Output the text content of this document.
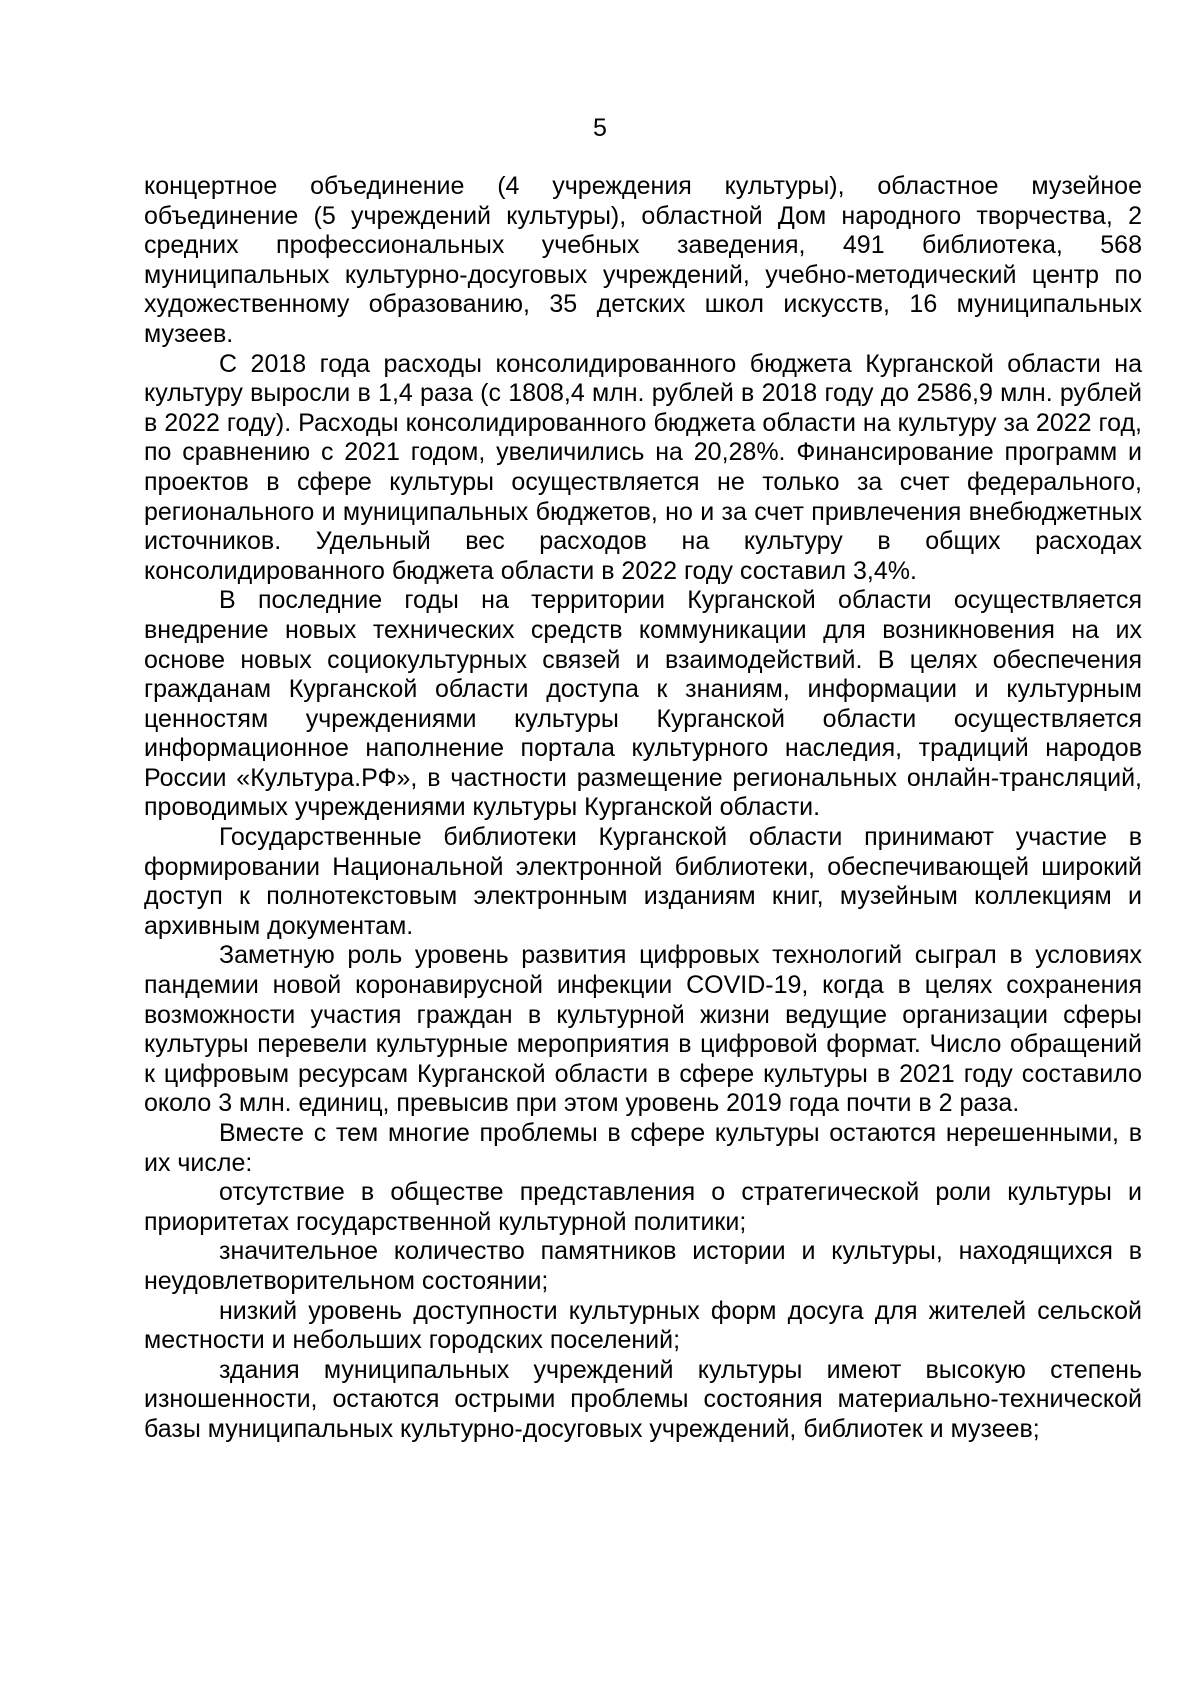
5

концертное объединение (4 учреждения культуры), областное музейное объединение (5 учреждений культуры), областной Дом народного творчества, 2 средних профессиональных учебных заведения, 491 библиотека, 568 муниципальных культурно-досуговых учреждений, учебно-методический центр по художественному образованию, 35 детских школ искусств, 16 муниципальных музеев.

С 2018 года расходы консолидированного бюджета Курганской области на культуру выросли в 1,4 раза (с 1808,4 млн. рублей в 2018 году до 2586,9 млн. рублей в 2022 году). Расходы консолидированного бюджета области на культуру за 2022 год, по сравнению с 2021 годом, увеличились на 20,28%. Финансирование программ и проектов в сфере культуры осуществляется не только за счет федерального, регионального и муниципальных бюджетов, но и за счет привлечения внебюджетных источников. Удельный вес расходов на культуру в общих расходах консолидированного бюджета области в 2022 году составил 3,4%.

В последние годы на территории Курганской области осуществляется внедрение новых технических средств коммуникации для возникновения на их основе новых социокультурных связей и взаимодействий. В целях обеспечения гражданам Курганской области доступа к знаниям, информации и культурным ценностям учреждениями культуры Курганской области осуществляется информационное наполнение портала культурного наследия, традиций народов России «Культура.РФ», в частности размещение региональных онлайн-трансляций, проводимых учреждениями культуры Курганской области.

Государственные библиотеки Курганской области принимают участие в формировании Национальной электронной библиотеки, обеспечивающей широкий доступ к полнотекстовым электронным изданиям книг, музейным коллекциям и архивным документам.

Заметную роль уровень развития цифровых технологий сыграл в условиях пандемии новой коронавирусной инфекции COVID-19, когда в целях сохранения возможности участия граждан в культурной жизни ведущие организации сферы культуры перевели культурные мероприятия в цифровой формат. Число обращений к цифровым ресурсам Курганской области в сфере культуры в 2021 году составило около 3 млн. единиц, превысив при этом уровень 2019 года почти в 2 раза.

Вместе с тем многие проблемы в сфере культуры остаются нерешенными, в их числе:

отсутствие в обществе представления о стратегической роли культуры и приоритетах государственной культурной политики;

значительное количество памятников истории и культуры, находящихся в неудовлетворительном состоянии;

низкий уровень доступности культурных форм досуга для жителей сельской местности и небольших городских поселений;

здания муниципальных учреждений культуры имеют высокую степень изношенности, остаются острыми проблемы состояния материально-технической базы муниципальных культурно-досуговых учреждений, библиотек и музеев;
